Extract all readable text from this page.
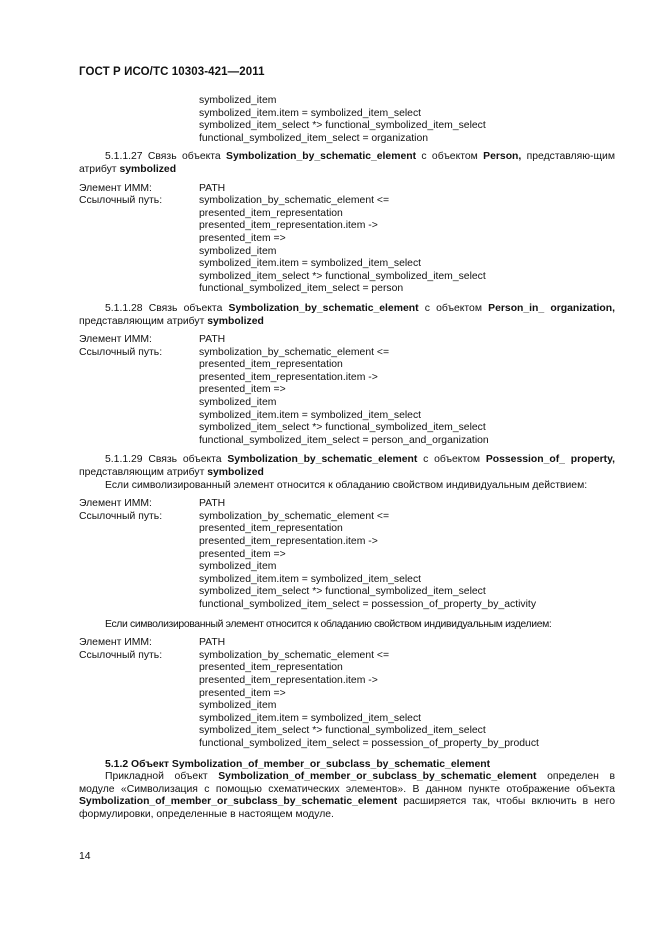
ГОСТ Р ИСО/ТС 10303-421—2011
symbolized_item
symbolized_item.item = symbolized_item_select
symbolized_item_select *> functional_symbolized_item_select
functional_symbolized_item_select = organization
5.1.1.27 Связь объекта Symbolization_by_schematic_element с объектом Person, представляю-щим атрибут symbolized
Элемент ИММ:	PATH
Ссылочный путь:	symbolization_by_schematic_element <=
presented_item_representation
presented_item_representation.item ->
presented_item =>
symbolized_item
symbolized_item.item = symbolized_item_select
symbolized_item_select *> functional_symbolized_item_select
functional_symbolized_item_select = person
5.1.1.28 Связь объекта Symbolization_by_schematic_element с объектом Person_in_ organization, представляющим атрибут symbolized
Элемент ИММ:	PATH
Ссылочный путь:	symbolization_by_schematic_element <=
presented_item_representation
presented_item_representation.item ->
presented_item =>
symbolized_item
symbolized_item.item = symbolized_item_select
symbolized_item_select *> functional_symbolized_item_select
functional_symbolized_item_select = person_and_organization
5.1.1.29 Связь объекта Symbolization_by_schematic_element с объектом Possession_of_ property, представляющим атрибут symbolized
Если символизированный элемент относится к обладанию свойством индивидуальным действием:
Элемент ИММ:	PATH
Ссылочный путь:	symbolization_by_schematic_element <=
presented_item_representation
presented_item_representation.item ->
presented_item =>
symbolized_item
symbolized_item.item = symbolized_item_select
symbolized_item_select *> functional_symbolized_item_select
functional_symbolized_item_select = possession_of_property_by_activity
Если символизированный элемент относится к обладанию свойством индивидуальным изделием:
Элемент ИММ:	PATH
Ссылочный путь:	symbolization_by_schematic_element <=
presented_item_representation
presented_item_representation.item ->
presented_item =>
symbolized_item
symbolized_item.item = symbolized_item_select
symbolized_item_select *> functional_symbolized_item_select
functional_symbolized_item_select = possession_of_property_by_product
5.1.2 Объект Symbolization_of_member_or_subclass_by_schematic_element
Прикладной объект Symbolization_of_member_or_subclass_by_schematic_element определен в модуле «Символизация с помощью схематических элементов». В данном пункте отображение объекта Symbolization_of_member_or_subclass_by_schematic_element расширяется так, чтобы включить в него формулировки, определенные в настоящем модуле.
14
